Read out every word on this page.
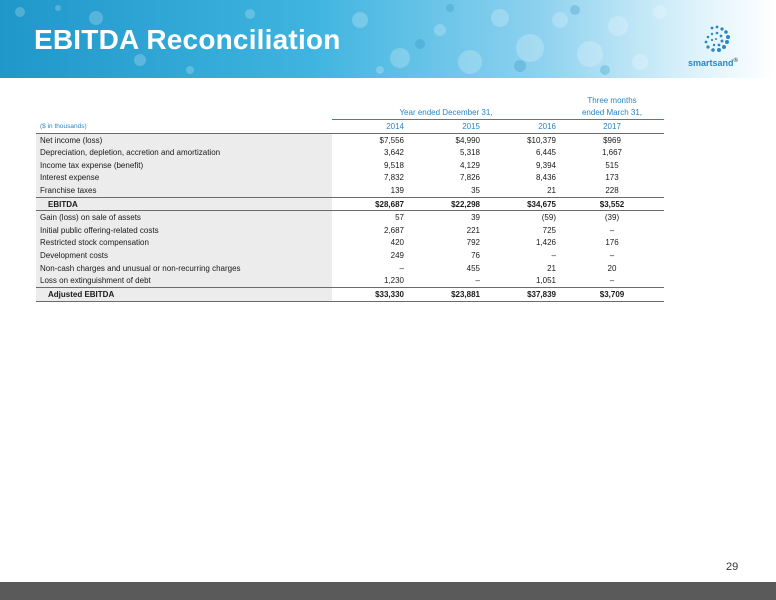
EBITDA Reconciliation
smartsand®
				Three months
	Year ended December 31,			ended March 31,
($ in thousands)	2014	2015	2016	2017
Net income (loss)	$7,556	$4,990	$10,379	$969
Depreciation, depletion, accretion and amortization	3,642	5,318	6,445	1,667
Income tax expense (benefit)	9,518	4,129	9,394	515
Interest expense	7,832	7,826	8,436	173
Franchise taxes	139	35	21	228
EBITDA	$28,687	$22,298	$34,675	$3,552
Gain (loss) on sale of assets	57	39	(59)	(39)
Initial public offering-related costs	2,687	221	725	–
Restricted stock compensation	420	792	1,426	176
Development costs	249	76	–	–
Non-cash charges and unusual or non-recurring charges	–	455	21	20
Loss on extinguishment of debt	1,230	–	1,051	–
Adjusted EBITDA	$33,330	$23,881	$37,839	$3,709
29
